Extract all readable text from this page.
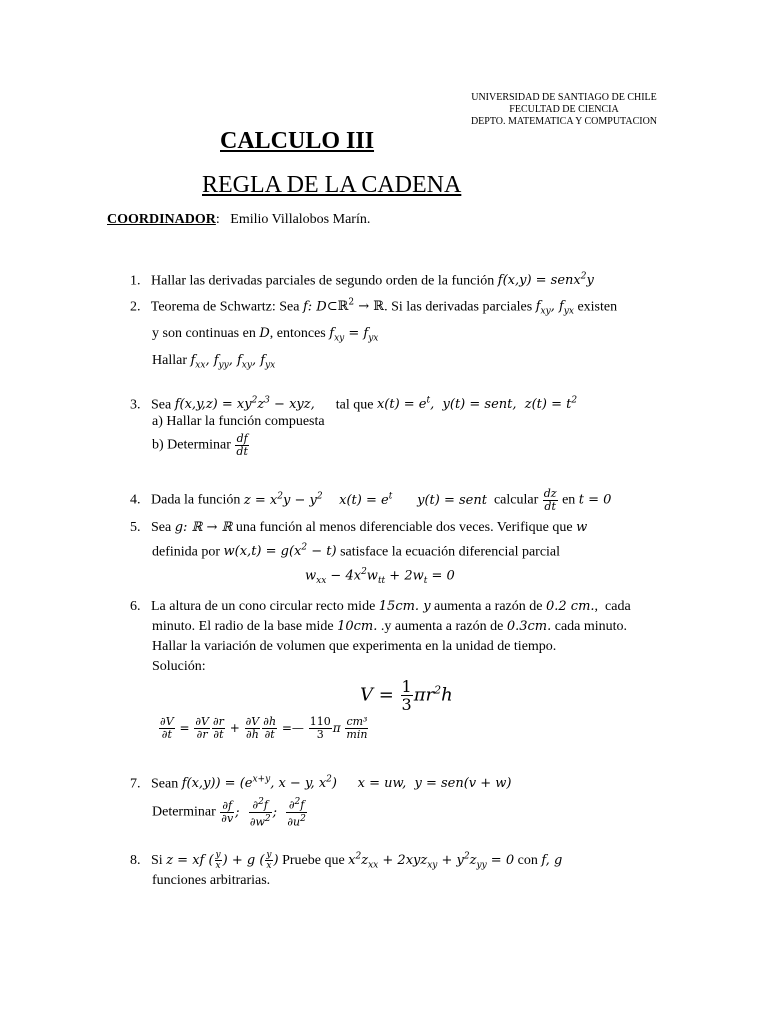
UNIVERSIDAD DE SANTIAGO DE CHILE
FECULTAD DE CIENCIA
DEPTO. MATEMATICA Y COMPUTACION
CALCULO III
REGLA DE LA CADENA
COORDINADOR:   Emilio Villalobos Marín.
1. Hallar las derivadas parciales de segundo orden de la función f(x,y) = senx$^2$y
2. Teorema de Schwartz: Sea f: D⊂ℝ$^2$ → ℝ. Si las derivadas parciales $f_{xy}$, $f_{yx}$ existen
y son continuas en D, entonces $f_{xy} = f_{yx}$
Hallar $f_{xx}$, $f_{yy}$, $f_{xy}$, $f_{yx}$
3. Sea $f(x,y,z) = xy^2z^3$ − xyz, tal que $x(t) = e^t$,  y(t) = sent,  $z(t) = t^2$
a) Hallar la función compuesta
b) Determinar $\frac{df}{dt}$
4. Dada la función $z = x^2y - y^2$    $x(t) = e^t$      y(t) = sent calcular $\frac{dz}{dt}$ en t = 0
5. Sea g: ℝ → ℝ una función al menos diferenciable dos veces. Verifique que w
definida por $w(x,t) = g(x^2 - t)$ satisface la ecuación diferencial parcial
$w_{xx} - 4x^2w_{tt} + 2w_t = 0$
6. La altura de un cono circular recto mide 15cm. y aumenta a razón de 0.2 cm.,  cada
minuto. El radio de la base mide 10cm. .y aumenta a razón de 0.3cm. cada minuto.
Hallar la variación de volumen que experimenta en la unidad de tiempo.
Solución:
$V = \frac{1}{3} \pi r^2h$
$\frac{\partial V}{\partial t} = \frac{\partial V}{\partial r} \frac{\partial r}{\partial t} + \frac{\partial V}{\partial h} \frac{\partial h}{\partial t}$ =— $\frac{110}{3}$ π $\frac{\text{cm³}}{\min}$
7. Sean $f(x,y)) = (e^{x+y}$, x − y, $x^2$)     x = uw,  y = sen(v + w)
Determinar $\frac{\partial f}{\partial v}$ ; $\frac{\partial^2f}{\partial w^2}$ ; $\frac{\partial^2f}{\partial u^2}$
8. Si z = xf ( $\frac{y}{x}$ ) + g ( $\frac{y}{x}$ ) Pruebe que $x^2z_{xx} + 2xyz_{xy} + y^2z_{yy} = 0$ con f, g
funciones arbitrarias.
